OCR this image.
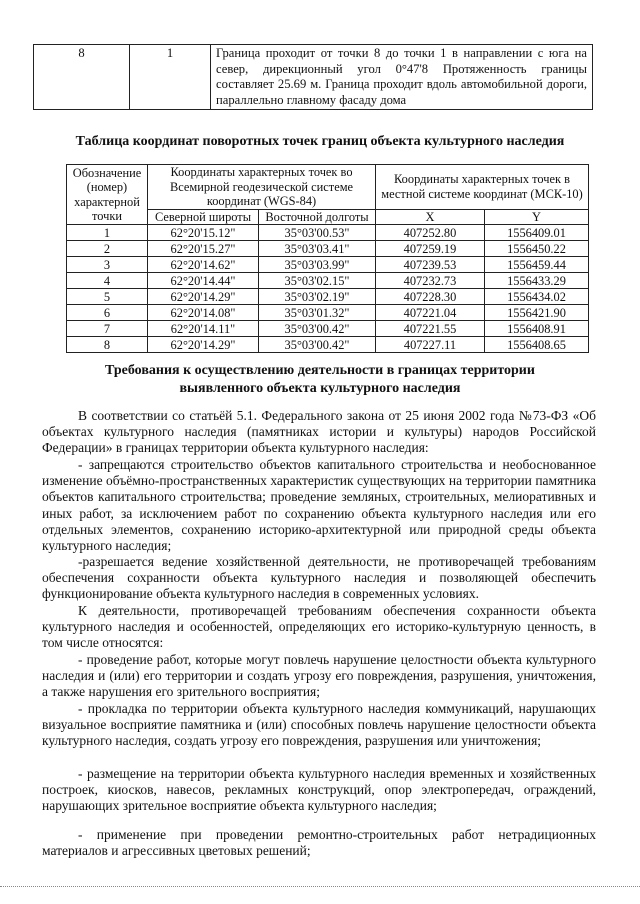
8	1	Граница проходит от точки 8 до точки 1 в направлении с юга на север, дирекционный угол 0°47'8 Протяженность границы составляет 25.69 м. Граница проходит вдоль автомобильной дороги, параллельно главному фасаду дома
Таблица координат поворотных точек границ объекта культурного наследия
Обозначение (номер) характерной точки	Координаты характерных точек во Всемирной геодезической системе координат (WGS-84)		Координаты характерных точек в местной системе координат (МСК-10)	
	Северной широты	Восточной долготы	X	Y
1	62°20'15.12"	35°03'00.53"	407252.80	1556409.01
2	62°20'15.27"	35°03'03.41"	407259.19	1556450.22
3	62°20'14.62"	35°03'03.99"	407239.53	1556459.44
4	62°20'14.44"	35°03'02.15"	407232.73	1556433.29
5	62°20'14.29"	35°03'02.19"	407228.30	1556434.02
6	62°20'14.08"	35°03'01.32"	407221.04	1556421.90
7	62°20'14.11"	35°03'00.42"	407221.55	1556408.91
8	62°20'14.29"	35°03'00.42"	407227.11	1556408.65
Требования к осуществлению деятельности в границах территории
выявленного объекта культурного наследия

В соответствии со статьёй 5.1. Федерального закона от 25 июня 2002 года №73-ФЗ «Об объектах культурного наследия (памятниках истории и культуры) народов Российской Федерации» в границах территории объекта культурного наследия:

- запрещаются строительство объектов капитального строительства и необоснованное изменение объёмно-пространственных характеристик существующих на территории памятника объектов капитального строительства; проведение земляных, строительных, мелиоративных и иных работ, за исключением работ по сохранению объекта культурного наследия или его отдельных элементов, сохранению историко-архитектурной или природной среды объекта культурного наследия;

-разрешается ведение хозяйственной деятельности, не противоречащей требованиям обеспечения сохранности объекта культурного наследия и позволяющей обеспечить функционирование объекта культурного наследия в современных условиях.

К деятельности, противоречащей требованиям обеспечения сохранности объекта культурного наследия и особенностей, определяющих его историко-культурную ценность, в том числе относятся:

- проведение работ, которые могут повлечь нарушение целостности объекта культурного наследия и (или) его территории и создать угрозу его повреждения, разрушения, уничтожения, а также нарушения его зрительного восприятия;

- прокладка по территории объекта культурного наследия коммуникаций, нарушающих визуальное восприятие памятника и (или) способных повлечь нарушение целостности объекта культурного наследия, создать угрозу его повреждения, разрушения или уничтожения;

- размещение на территории объекта культурного наследия временных и хозяйственных построек, киосков, навесов, рекламных конструкций, опор электропередач, ограждений, нарушающих зрительное восприятие объекта культурного наследия;

- применение при проведении ремонтно-строительных работ нетрадиционных материалов и агрессивных цветовых решений;
